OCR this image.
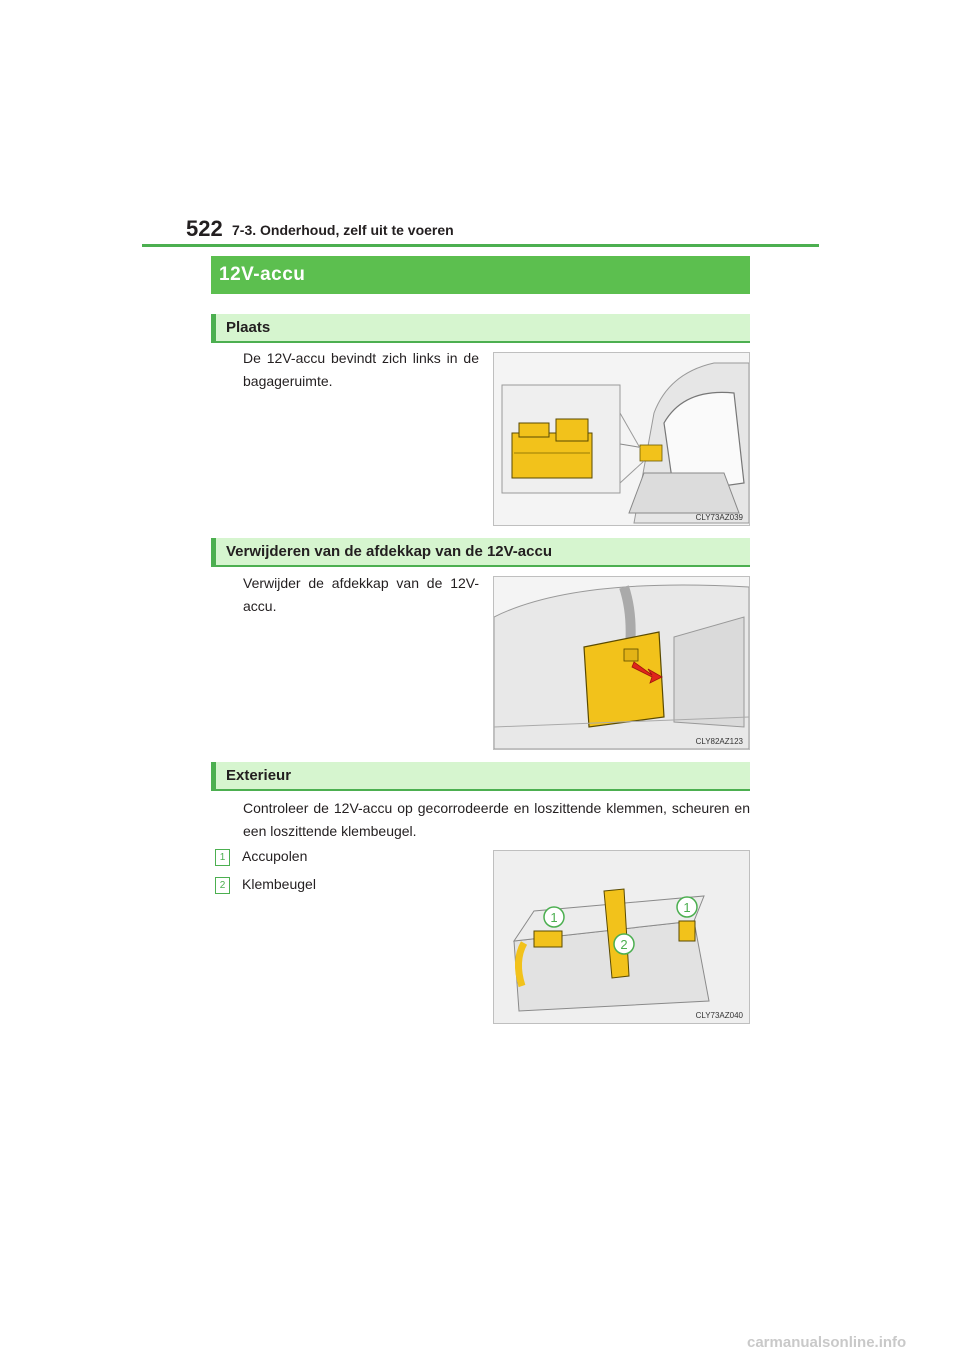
522 7-3. Onderhoud, zelf uit te voeren
12V-accu
Plaats
De 12V-accu bevindt zich links in de bagageruimte.
CLY73AZ039
Verwijderen van de afdekkap van de 12V-accu
Verwijder de afdekkap van de 12V-accu.
CLY82AZ123
Exterieur
Controleer de 12V-accu op gecorrodeerde en loszittende klemmen, scheuren en een loszittende klembeugel.
1 Accupolen
2 Klembeugel
1
1
2
CLY73AZ040
carmanualsonline.info
